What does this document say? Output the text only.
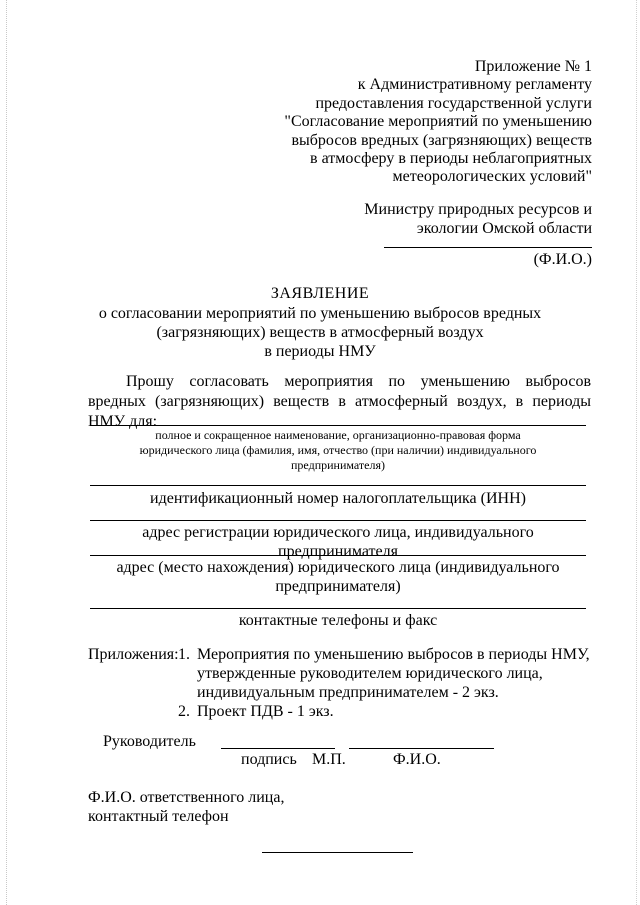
Приложение № 1
к Административному регламенту
предоставления государственной услуги
"Согласование мероприятий по уменьшению
выбросов вредных (загрязняющих) веществ
в атмосферу в периоды неблагоприятных
метеорологических условий"
Министру природных ресурсов и
экологии Омской области
(Ф.И.О.)
ЗАЯВЛЕНИЕ
о согласовании мероприятий по уменьшению выбросов вредных
(загрязняющих) веществ в атмосферный воздух
в периоды НМУ
Прошу согласовать мероприятия по уменьшению выбросов вредных (загрязняющих) веществ в атмосферный воздух, в периоды НМУ для:
полное и сокращенное наименование, организационно-правовая форма
юридического лица (фамилия, имя, отчество (при наличии) индивидуального
предпринимателя)
идентификационный номер налогоплательщика (ИНН)
адрес регистрации юридического лица, индивидуального предпринимателя
адрес (место нахождения) юридического лица (индивидуального
предпринимателя)
контактные телефоны и факс
Приложения: 1. Мероприятия по уменьшению выбросов в периоды НМУ,
утвержденные руководителем юридического лица,
индивидуальным предпринимателем - 2 экз.
2. Проект ПДВ - 1 экз.
Руководитель
подпись М.П.	Ф.И.О.
Ф.И.О. ответственного лица,
контактный телефон
